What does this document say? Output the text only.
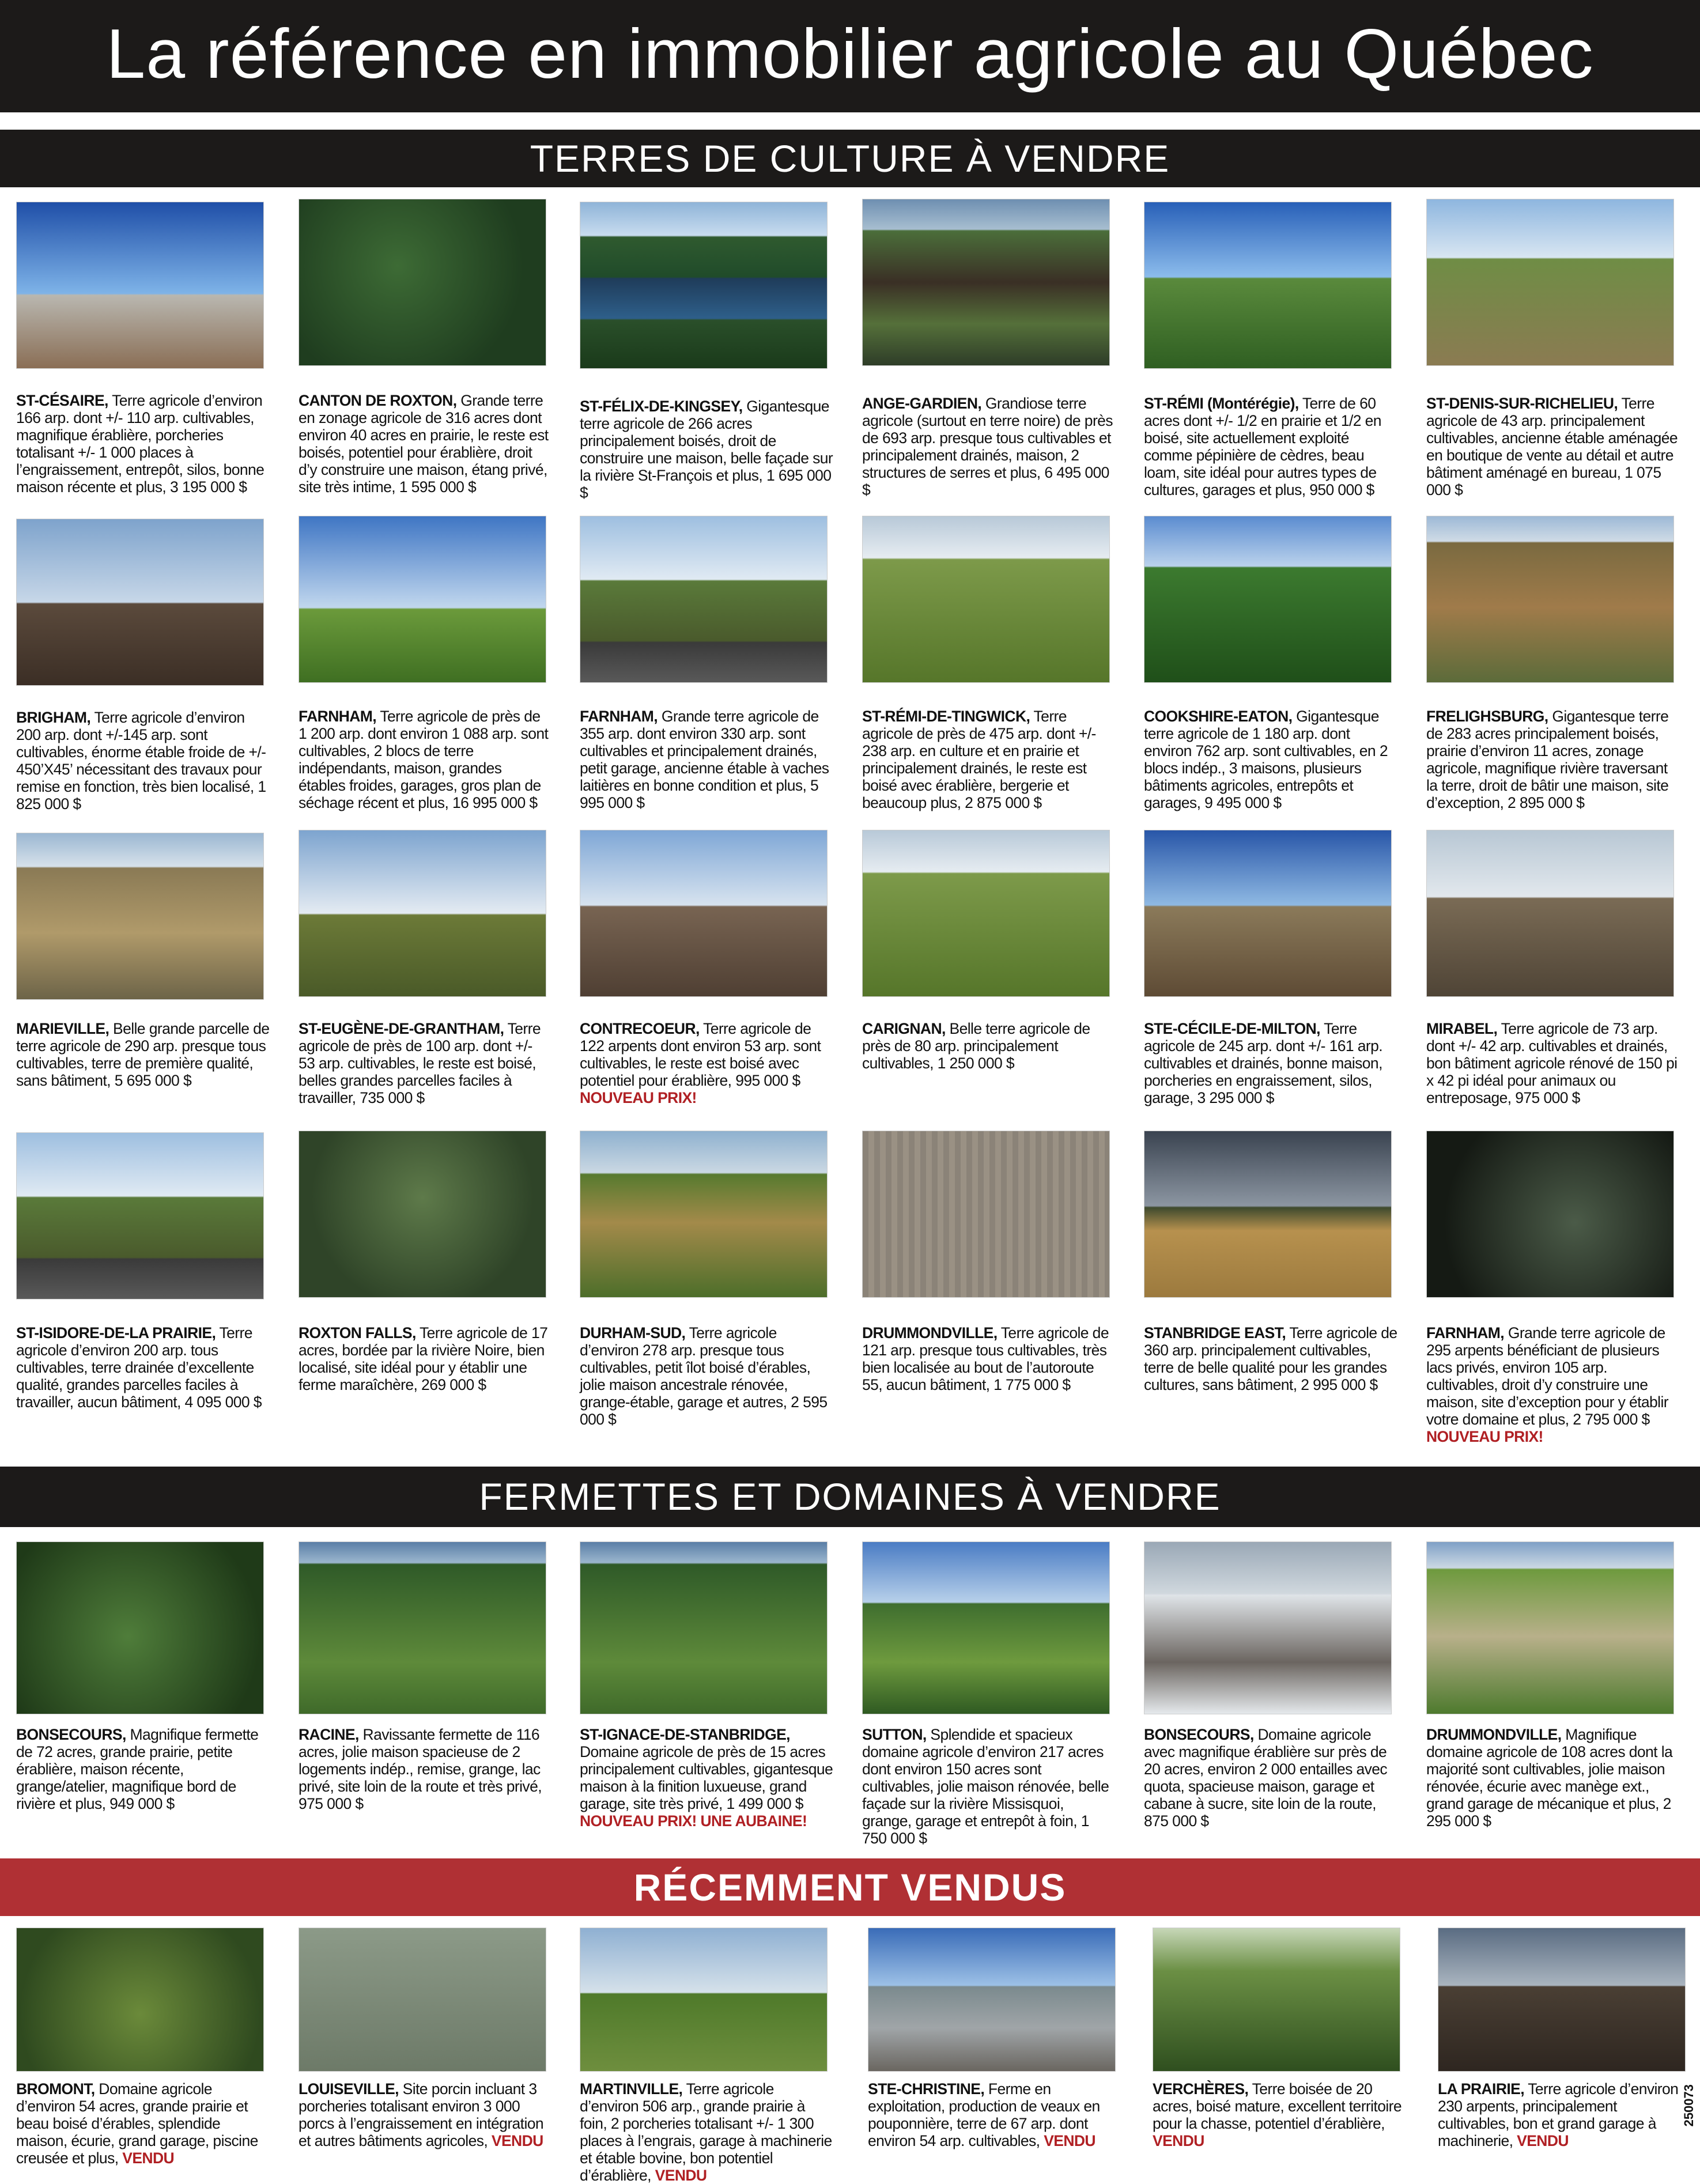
La référence en immobilier agricole au Québec
TERRES DE CULTURE À VENDRE
ST-CÉSAIRE, Terre agricole d’environ 166 arp. dont +/- 110 arp. cultivables, magnifique érablière, porcheries totalisant +/- 1 000 places à l’engraissement, entrepôt, silos, bonne maison récente et plus, 3 195 000 $
CANTON DE ROXTON, Grande terre en zonage agricole de 316 acres dont environ 40 acres en prairie, le reste est boisés, potentiel pour érablière, droit d’y construire une maison, étang privé, site très intime, 1 595 000 $
ST-FÉLIX-DE-KINGSEY, Gigantesque terre agricole de 266 acres principalement boisés, droit de construire une maison, belle façade sur la rivière St-François et plus, 1 695 000 $
ANGE-GARDIEN, Grandiose terre agricole (surtout en terre noire) de près de 693 arp. presque tous cultivables et principalement drainés, maison, 2 structures de serres et plus, 6 495 000 $
ST-RÉMI (Montérégie), Terre de 60 acres dont +/- 1/2 en prairie et 1/2 en boisé, site actuellement exploité comme pépinière de cèdres, beau loam, site idéal pour autres types de cultures, garages et plus, 950 000 $
ST-DENIS-SUR-RICHELIEU, Terre agricole de 43 arp. principalement cultivables, ancienne étable aménagée en boutique de vente au détail et autre bâtiment aménagé en bureau, 1 075 000 $
BRIGHAM, Terre agricole d’environ 200 arp. dont +/-145 arp. sont cultivables, énorme étable froide de +/- 450’X45’ nécessitant des travaux pour remise en fonction, très bien localisé, 1 825 000 $
FARNHAM, Terre agricole de près de 1 200 arp. dont environ 1 088 arp. sont cultivables, 2 blocs de terre indépendants, maison, grandes étables froides, garages, gros plan de séchage récent et plus, 16 995 000 $
FARNHAM, Grande terre agricole de 355 arp. dont environ 330 arp. sont cultivables et principalement drainés, petit garage, ancienne étable à vaches laitières en bonne condition et plus, 5 995 000 $
ST-RÉMI-DE-TINGWICK, Terre agricole de près de 475 arp. dont +/- 238 arp. en culture et en prairie et principalement drainés, le reste est boisé avec érablière, bergerie et beaucoup plus, 2 875 000 $
COOKSHIRE-EATON, Gigantesque terre agricole de 1 180 arp. dont environ 762 arp. sont cultivables, en 2 blocs indép., 3 maisons, plusieurs bâtiments agricoles, entrepôts et garages, 9 495 000 $
FRELIGHSBURG, Gigantesque terre de 283 acres principalement boisés, prairie d’environ 11 acres, zonage agricole, magnifique rivière traversant la terre, droit de bâtir une maison, site d’exception, 2 895 000 $
MARIEVILLE, Belle grande parcelle de terre agricole de 290 arp. presque tous cultivables, terre de première qualité, sans bâtiment, 5 695 000 $
ST-EUGÈNE-DE-GRANTHAM, Terre agricole de près de 100 arp. dont +/- 53 arp. cultivables, le reste est boisé, belles grandes parcelles faciles à travailler, 735 000 $
CONTRECOEUR, Terre agricole de 122 arpents dont environ 53 arp. sont cultivables, le reste est boisé avec potentiel pour érablière, 995 000 $
NOUVEAU PRIX!
CARIGNAN, Belle terre agricole de près de 80 arp. principalement cultivables, 1 250 000 $
STE-CÉCILE-DE-MILTON, Terre agricole de 245 arp. dont +/- 161 arp. cultivables et drainés, bonne maison, porcheries en engraissement, silos, garage, 3 295 000 $
MIRABEL, Terre agricole de 73 arp. dont +/- 42 arp. cultivables et drainés, bon bâtiment agricole rénové de 150 pi x 42 pi idéal pour animaux ou entreposage, 975 000 $
ST-ISIDORE-DE-LA PRAIRIE, Terre agricole d’environ 200 arp. tous cultivables, terre drainée d’excellente qualité, grandes parcelles faciles à travailler, aucun bâtiment, 4 095 000 $
ROXTON FALLS, Terre agricole de 17 acres, bordée par la rivière Noire, bien localisé, site idéal pour y établir une ferme maraîchère, 269 000 $
DURHAM-SUD, Terre agricole d’environ 278 arp. presque tous cultivables, petit îlot boisé d’érables, jolie maison ancestrale rénovée, grange-étable, garage et autres, 2 595 000 $
DRUMMONDVILLE, Terre agricole de 121 arp. presque tous cultivables, très bien localisée au bout de l’autoroute 55, aucun bâtiment, 1 775 000 $
STANBRIDGE EAST, Terre agricole de 360 arp. principalement cultivables, terre de belle qualité pour les grandes cultures, sans bâtiment, 2 995 000 $
FARNHAM, Grande terre agricole de 295 arpents bénéficiant de plusieurs lacs privés, environ 105 arp. cultivables, droit d’y construire une maison, site d’exception pour y établir votre domaine et plus, 2 795 000 $
NOUVEAU PRIX!
FERMETTES ET DOMAINES À VENDRE
BONSECOURS, Magnifique fermette de 72 acres, grande prairie, petite érablière, maison récente, grange/atelier, magnifique bord de rivière et plus, 949 000 $
RACINE, Ravissante fermette de 116 acres, jolie maison spacieuse de 2 logements indép., remise, grange, lac privé, site loin de la route et très privé, 975 000 $
ST-IGNACE-DE-STANBRIDGE, Domaine agricole de près de 15 acres principalement cultivables, gigantesque maison à la finition luxueuse, grand garage, site très privé, 1 499 000 $
NOUVEAU PRIX! UNE AUBAINE!
SUTTON, Splendide et spacieux domaine agricole d’environ 217 acres dont environ 150 acres sont cultivables, jolie maison rénovée, belle façade sur la rivière Missisquoi, grange, garage et entrepôt à foin, 1 750 000 $
BONSECOURS, Domaine agricole avec magnifique érablière sur près de 20 acres, environ 2 000 entailles avec quota, spacieuse maison, garage et cabane à sucre, site loin de la route, 875 000 $
DRUMMONDVILLE, Magnifique domaine agricole de 108 acres dont la majorité sont cultivables, jolie maison rénovée, écurie avec manège ext., grand garage de mécanique et plus, 2 295 000 $
RÉCEMMENT VENDUS
BROMONT, Domaine agricole d’environ 54 acres, grande prairie et beau boisé d’érables, splendide maison, écurie, grand garage, piscine creusée et plus, VENDU
LOUISEVILLE, Site porcin incluant 3 porcheries totalisant environ 3 000 porcs à l’engraissement en intégration et autres bâtiments agricoles, VENDU
MARTINVILLE, Terre agricole d’environ 506 arp., grande prairie à foin, 2 porcheries totalisant +/- 1 300 places à l’engrais, garage à machinerie et étable bovine, bon potentiel d’érablière, VENDU
STE-CHRISTINE, Ferme en exploitation, production de veaux en pouponnière, terre de 67 arp. dont environ 54 arp. cultivables, VENDU
VERCHÈRES, Terre boisée de 20 acres, boisé mature, excellent territoire pour la chasse, potentiel d’érablière, VENDU
LA PRAIRIE, Terre agricole d’environ 230 arpents, principalement cultivables, bon et grand garage à machinerie, VENDU
250073
